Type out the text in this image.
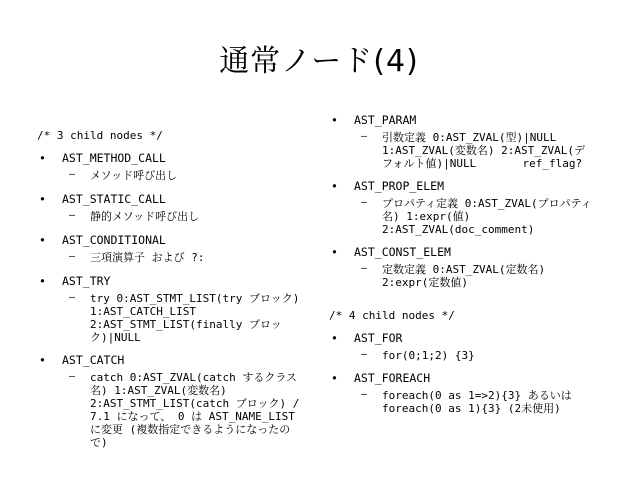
通常ノード(4)
/* 3 child nodes */
• AST_METHOD_CALL
– メソッド呼び出し
• AST_STATIC_CALL
– 静的メソッド呼び出し
• AST_CONDITIONAL
– 三項演算子 および ?:
• AST_TRY
– try 0:AST_STMT_LIST(try ブロック)
1:AST_CATCH_LIST
2:AST_STMT_LIST(finally ブロッ
ク)|NULL
• AST_CATCH
– catch 0:AST_ZVAL(catch するクラス
名) 1:AST_ZVAL(変数名)
2:AST_STMT_LIST(catch ブロック) /
7.1 になって、 0 は AST_NAME_LIST
に変更 (複数指定できるようになったの
で)
• AST_PARAM
– 引数定義 0:AST_ZVAL(型)|NULL
1:AST_ZVAL(変数名) 2:AST_ZVAL(デ
フォルト値)|NULL       ref_flag?
• AST_PROP_ELEM
– プロパティ定義 0:AST_ZVAL(プロパティ
名) 1:expr(値)
2:AST_ZVAL(doc_comment)
• AST_CONST_ELEM
– 定数定義 0:AST_ZVAL(定数名)
2:expr(定数値)
/* 4 child nodes */
• AST_FOR
– for(0;1;2) {3}
• AST_FOREACH
– foreach(0 as 1=>2){3} あるいは
foreach(0 as 1){3} (2未使用)
